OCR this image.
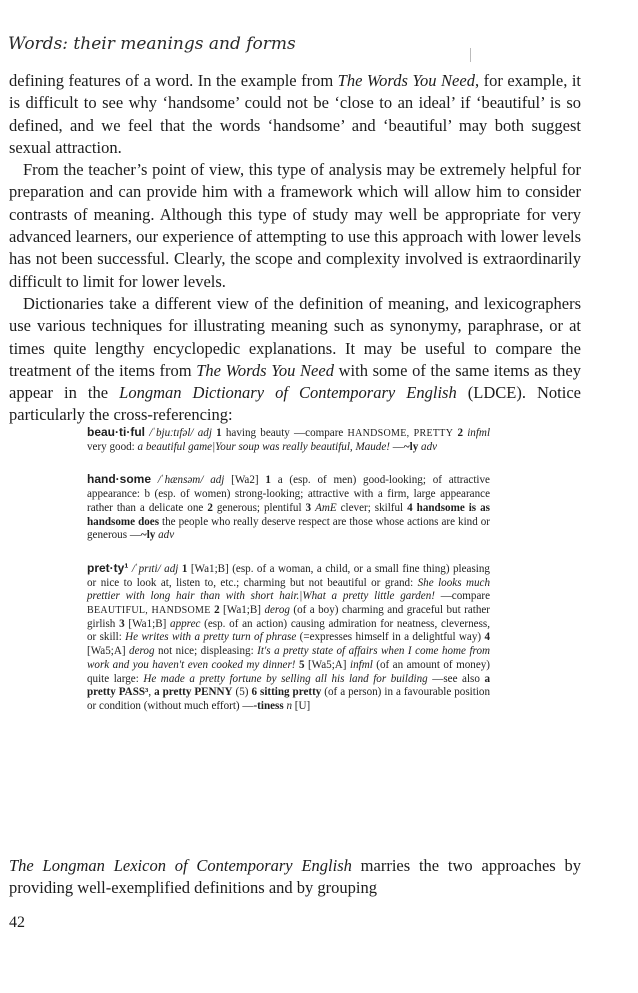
Words: their meanings and forms

defining features of a word. In the example from The Words You Need, for example, it is difficult to see why ‘handsome’ could not be ‘close to an ideal’ if ‘beautiful’ is so defined, and we feel that the words ‘handsome’ and ‘beautiful’ may both suggest sexual attraction.

From the teacher’s point of view, this type of analysis may be extremely helpful for preparation and can provide him with a framework which will allow him to consider contrasts of meaning. Although this type of study may well be appropriate for very advanced learners, our experience of attempting to use this approach with lower levels has not been successful. Clearly, the scope and complexity involved is extraordinarily difficult to limit for lower levels.

Dictionaries take a different view of the definition of meaning, and lexicographers use various techniques for illustrating meaning such as synonymy, paraphrase, or at times quite lengthy encyclopedic explanations. It may be useful to compare the treatment of the items from The Words You Need with some of the same items as they appear in the Longman Dictionary of Contemporary English (LDCE). Notice particularly the cross-referencing:

beau·ti·ful /ˈbjuːtɪfəl/ adj 1 having beauty —compare HANDSOME, PRETTY 2 infml very good: a beautiful game|Your soup was really beautiful, Maude! —~ly adv

hand·some /ˈhænsəm/ adj [Wa2] 1 a (esp. of men) good-looking; of attractive appearance: b (esp. of women) strong-looking; attractive with a firm, large appearance rather than a delicate one 2 generous; plentiful 3 AmE clever; skilful 4 handsome is as handsome does the people who really deserve respect are those whose actions are kind or generous —~ly adv

pret·ty¹ /ˈprɪti/ adj 1 [Wa1;B] (esp. of a woman, a child, or a small fine thing) pleasing or nice to look at, listen to, etc.; charming but not beautiful or grand: She looks much prettier with long hair than with short hair.|What a pretty little garden! —compare BEAUTIFUL, HANDSOME 2 [Wa1;B] derog (of a boy) charming and graceful but rather girlish 3 [Wa1;B] apprec (esp. of an action) causing admiration for neatness, cleverness, or skill: He writes with a pretty turn of phrase (=expresses himself in a delightful way) 4 [Wa5;A] derog not nice; displeasing: It's a pretty state of affairs when I come home from work and you haven't even cooked my dinner! 5 [Wa5;A] infml (of an amount of money) quite large: He made a pretty fortune by selling all his land for building —see also a pretty PASS³, a pretty PENNY (5) 6 sitting pretty (of a person) in a favourable position or condition (without much effort) —-tiness n [U]

The Longman Lexicon of Contemporary English marries the two approaches by providing well-exemplified definitions and by grouping
42
